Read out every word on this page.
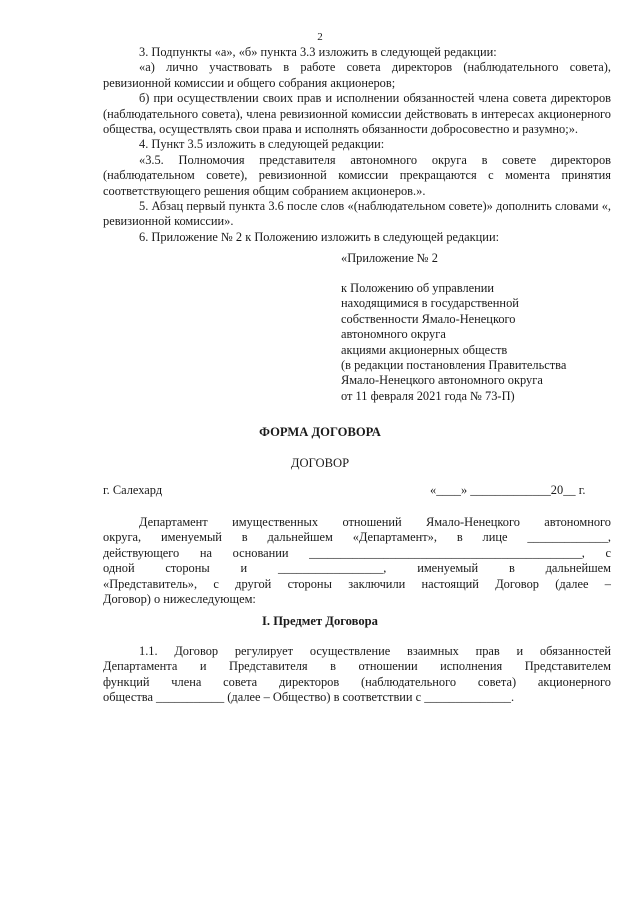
2

3. Подпункты «а», «б» пункта 3.3 изложить в следующей редакции:

«а) лично участвовать в работе совета директоров (наблюдательного совета), ревизионной комиссии и общего собрания акционеров;

б) при осуществлении своих прав и исполнении обязанностей члена совета директоров (наблюдательного совета), члена ревизионной комиссии действовать в интересах акционерного общества, осуществлять свои права и исполнять обязанности добросовестно и разумно;».

4. Пункт 3.5 изложить в следующей редакции:

«3.5. Полномочия представителя автономного округа в совете директоров (наблюдательном совете), ревизионной комиссии прекращаются с момента принятия соответствующего решения общим собранием акционеров.».

5. Абзац первый пункта 3.6 после слов «(наблюдательном совете)» дополнить словами «, ревизионной комиссии».

6. Приложение № 2 к Положению изложить в следующей редакции:

«Приложение № 2
к Положению об управлении
находящимися в государственной
собственности Ямало-Ненецкого
автономного округа
акциями акционерных обществ
(в редакции постановления Правительства
Ямало-Ненецкого автономного округа
от 11 февраля 2021 года № 73-П)
ФОРМА ДОГОВОРА
ДОГОВОР
г. Салехард	«____» _____________20__ г.
Департамент имущественных отношений Ямало-Ненецкого автономного
округа, именуемый в дальнейшем «Департамент», в лице _____________,
действующего на основании ____________________________________________, с
одной стороны и _________________, именуемый в дальнейшем
«Представитель», с другой стороны заключили настоящий Договор (далее –
Договор) о нижеследующем:
I. Предмет Договора
1.1. Договор регулирует осуществление взаимных прав и обязанностей
Департамента и Представителя в отношении исполнения Представителем
функций члена совета директоров (наблюдательного совета) акционерного
общества ___________ (далее – Общество) в соответствии с ______________.
